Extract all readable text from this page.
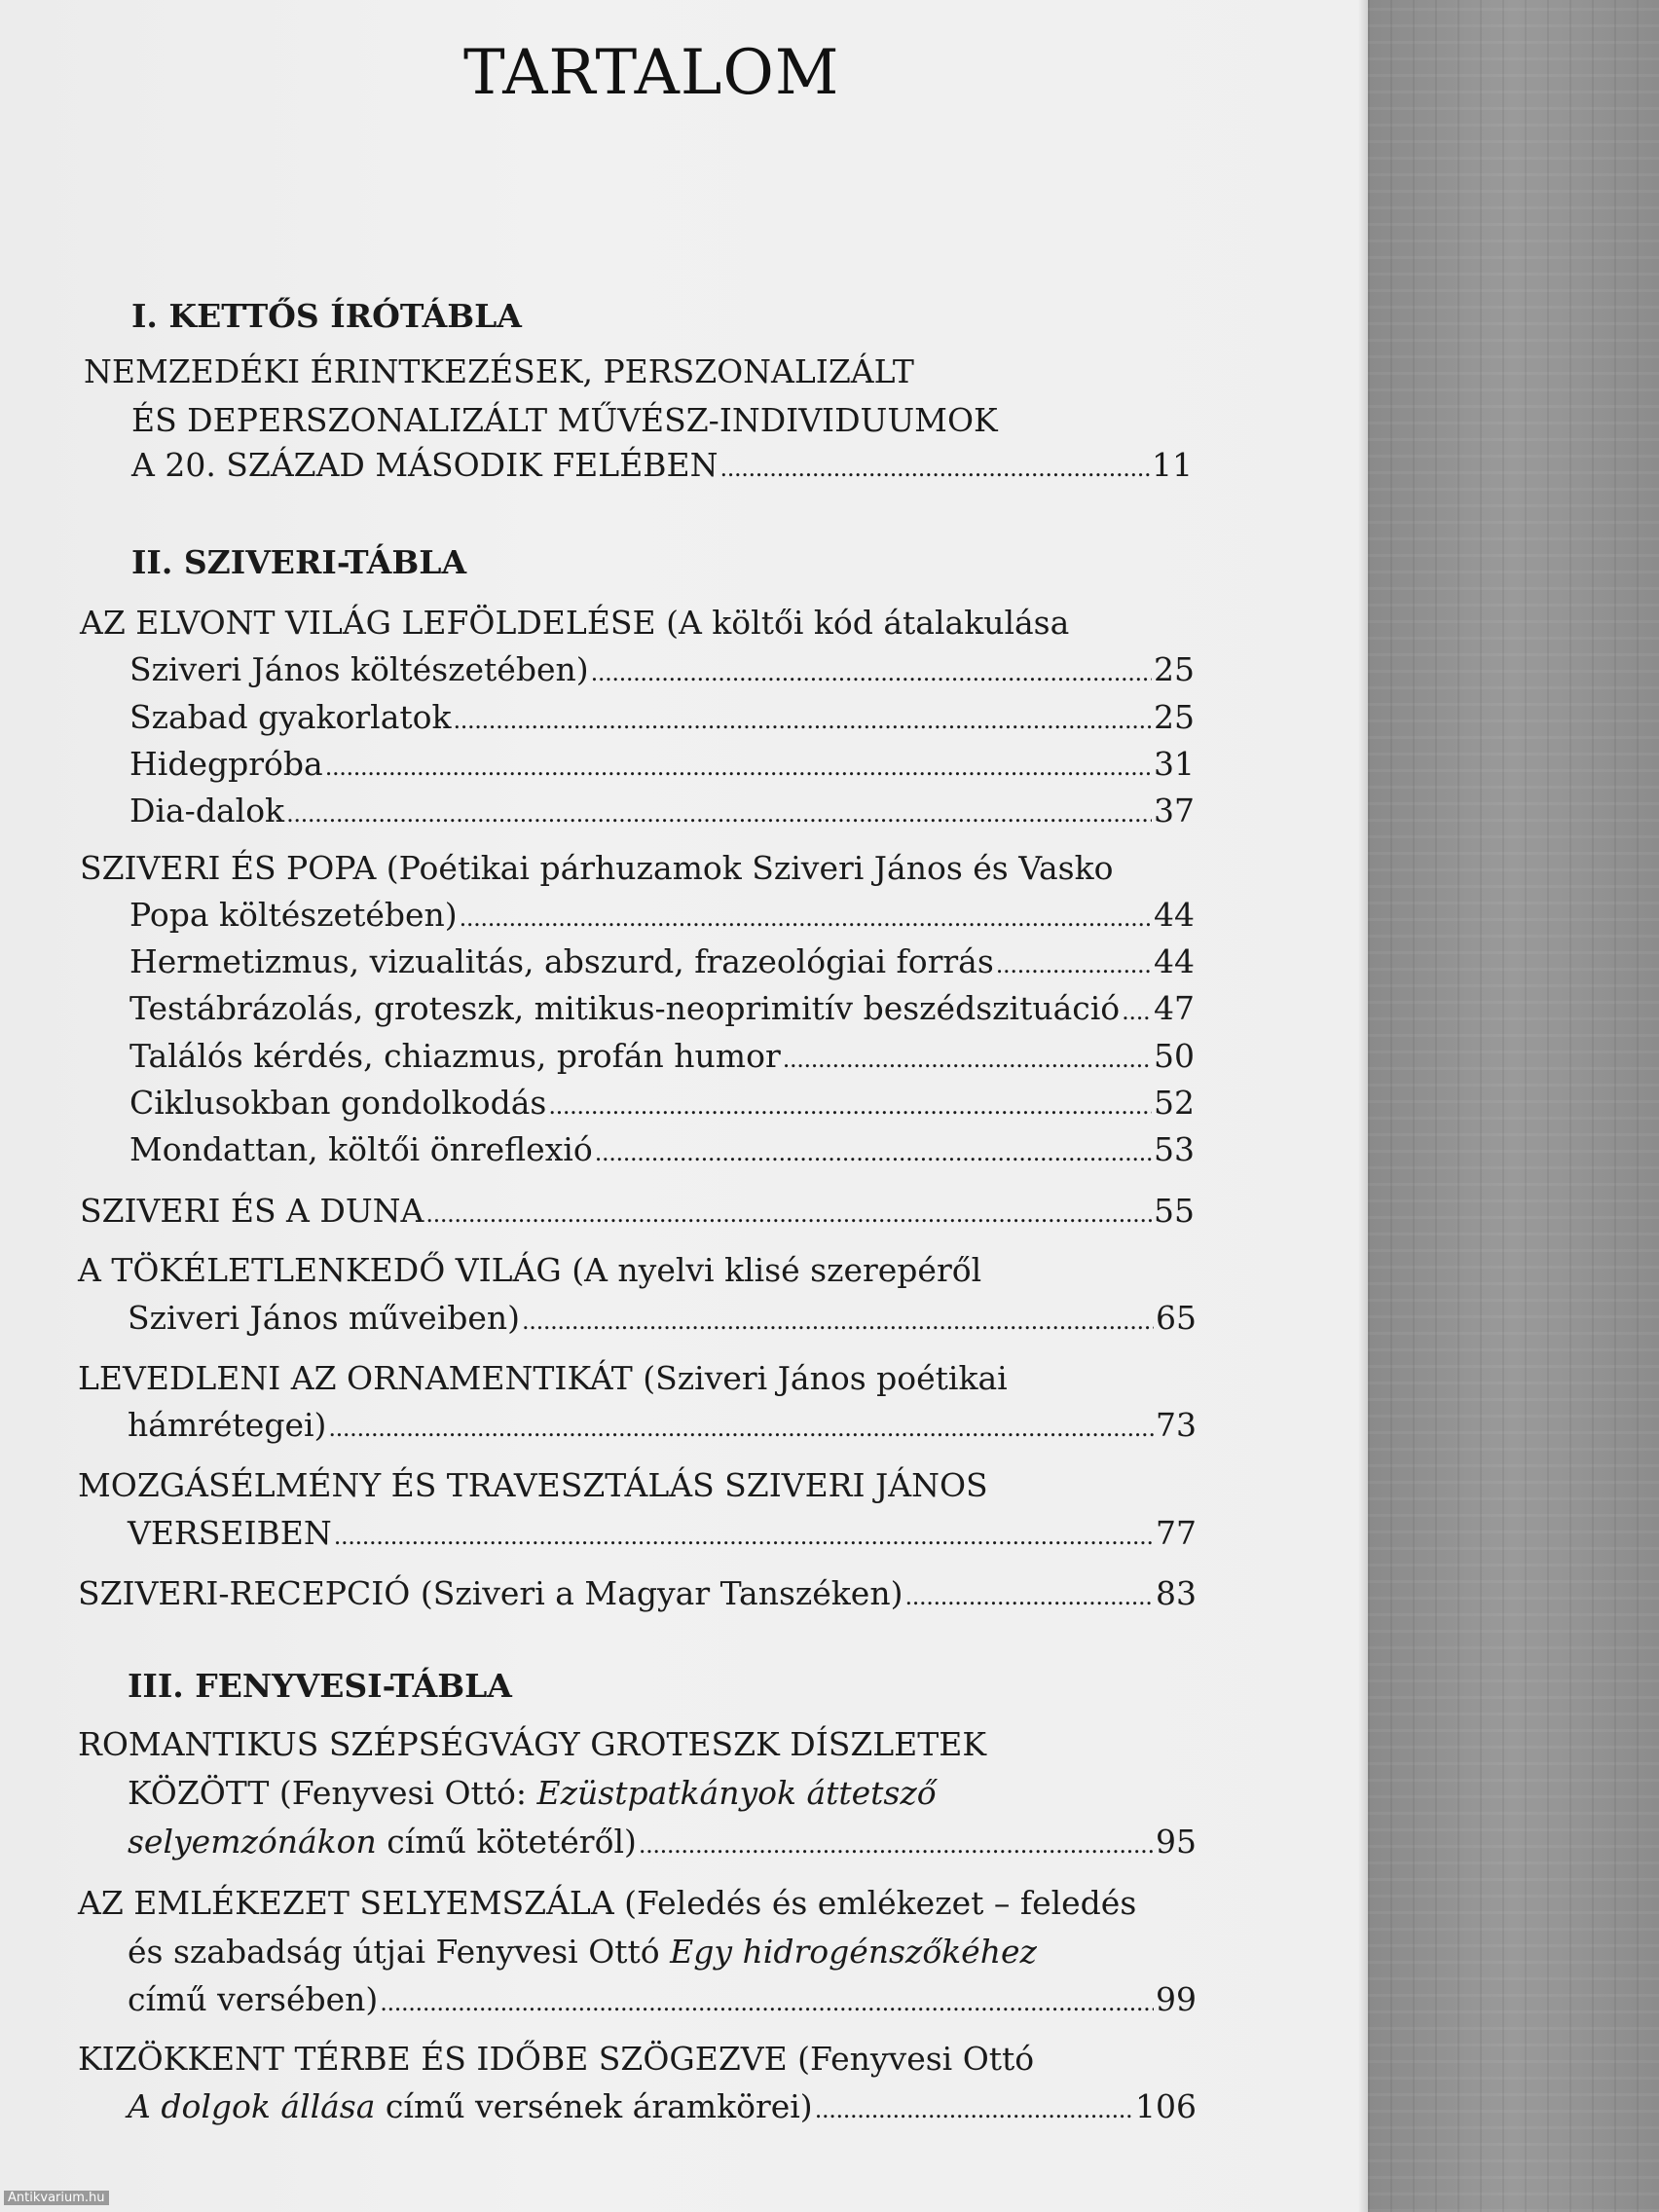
TARTALOM
I. KETTŐS ÍRÓTÁBLA
NEMZEDÉKI ÉRINTKEZÉSEK, PERSZONALIZÁLT
ÉS DEPERSZONALIZÁLT MŰVÉSZ-INDIVIDUUMOK
A 20. SZÁZAD MÁSODIK FELÉBEN . . .	11
II. SZIVERI-TÁBLA
AZ ELVONT VILÁG LEFÖLDELÉSE (A költői kód átalakulása
Sziveri János költészetében) . . .	25
Szabad gyakorlatok . . .	25
Hidegpróba . . .	31
Dia-dalok . . .	37
SZIVERI ÉS POPA (Poétikai párhuzamok Sziveri János és Vasko
Popa költészetében) . . .	44
Hermetizmus, vizualitás, abszurd, frazeológiai forrás . . .	44
Testábrázolás, groteszk, mitikus-neoprimitív beszédszituáció . . . 47
Találós kérdés, chiazmus, profán humor . . .	50
Ciklusokban gondolkodás . . .	52
Mondattan, költői önreflexió . . .	53
SZIVERI ÉS A DUNA . . .	55
A TÖKÉLETLENKEDŐ VILÁG (A nyelvi klisé szerepéről
Sziveri János műveiben) . . .	65
LEVEDLENI AZ ORNAMENTIKÁT (Sziveri János poétikai
hámrétegei) . . .	73
MOZGÁSÉLMÉNY ÉS TRAVESZTÁLÁS SZIVERI JÁNOS
VERSEIBEN . . .	77
SZIVERI-RECEPCIÓ (Sziveri a Magyar Tanszéken) . . .	83
III. FENYVESI-TÁBLA
ROMANTIKUS SZÉPSÉGVÁGY GROTESZK DÍSZLETEK
KÖZÖTT (Fenyvesi Ottó: Ezüstpatkányok áttetsző
selyemzónákon című kötetéről) . . .	95
AZ EMLÉKEZET SELYEMSZÁLA (Feledés és emlékezet – feledés
és szabadság útjai Fenyvesi Ottó Egy hidrogénszőkéhez
című versében) . . .	99
KIZÖKKENT TÉRBE ÉS IDŐBE SZÖGEZVE (Fenyvesi Ottó
A dolgok állása című versének áramkörei) . . .	106
Antikvarium.hu
